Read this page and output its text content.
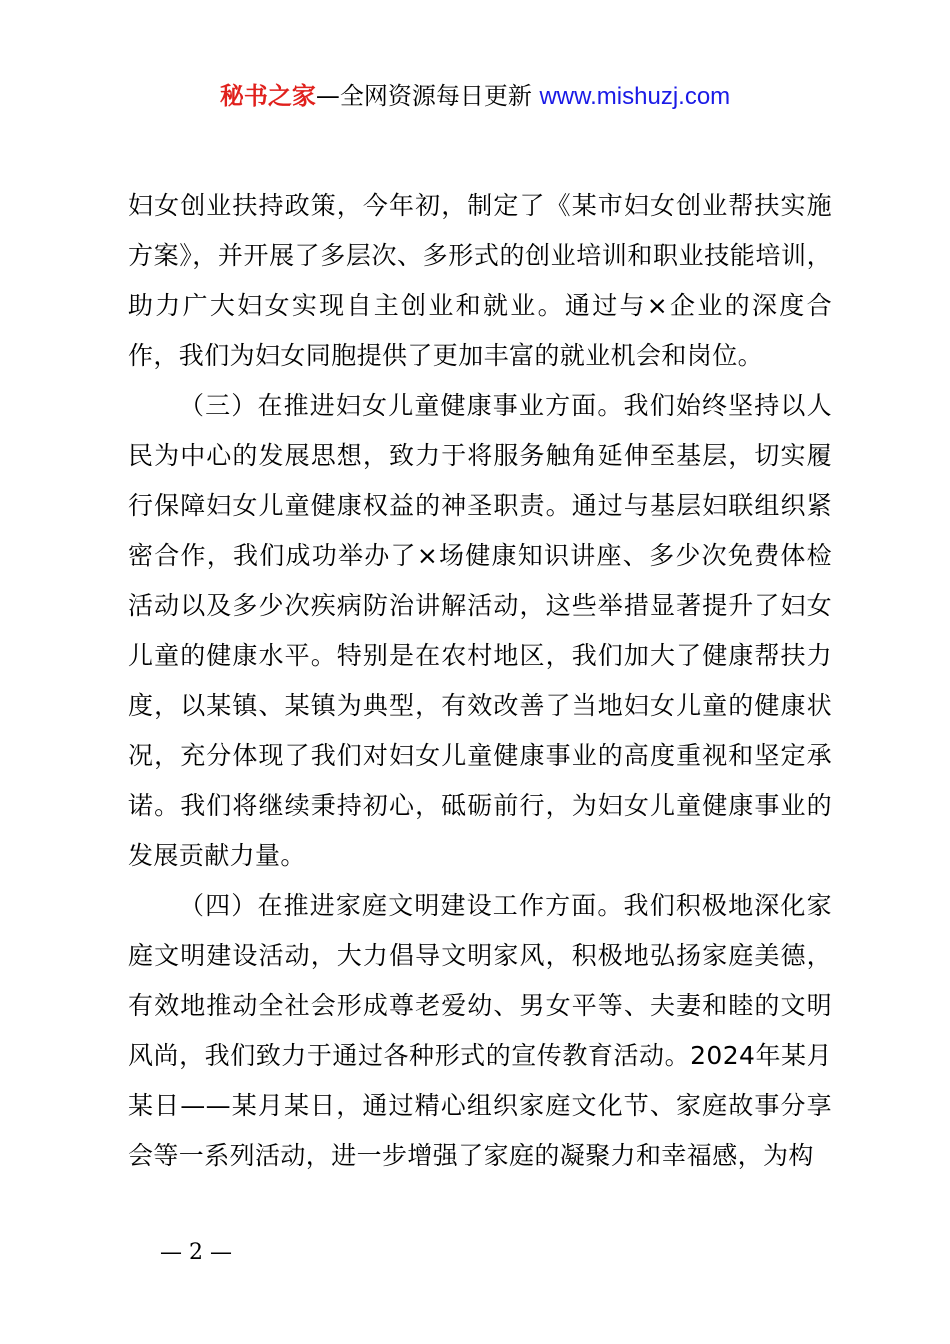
秘书之家—全网资源每日更新 www.mishuzj.com

妇女创业扶持政策，今年初，制定了《某市妇女创业帮扶实施方案》，并开展了多层次、多形式的创业培训和职业技能培训，助力广大妇女实现自主创业和就业。通过与×企业的深度合作，我们为妇女同胞提供了更加丰富的就业机会和岗位。

（三）在推进妇女儿童健康事业方面。我们始终坚持以人民为中心的发展思想，致力于将服务触角延伸至基层，切实履行保障妇女儿童健康权益的神圣职责。通过与基层妇联组织紧密合作，我们成功举办了×场健康知识讲座、多少次免费体检活动以及多少次疾病防治讲解活动，这些举措显著提升了妇女儿童的健康水平。特别是在农村地区，我们加大了健康帮扶力度，以某镇、某镇为典型，有效改善了当地妇女儿童的健康状况，充分体现了我们对妇女儿童健康事业的高度重视和坚定承诺。我们将继续秉持初心，砥砺前行，为妇女儿童健康事业的发展贡献力量。

（四）在推进家庭文明建设工作方面。我们积极地深化家庭文明建设活动，大力倡导文明家风，积极地弘扬家庭美德，有效地推动全社会形成尊老爱幼、男女平等、夫妻和睦的文明风尚，我们致力于通过各种形式的宣传教育活动。2024年某月某日——某月某日，通过精心组织家庭文化节、家庭故事分享会等一系列活动，进一步增强了家庭的凝聚力和幸福感，为构

— 2 —
